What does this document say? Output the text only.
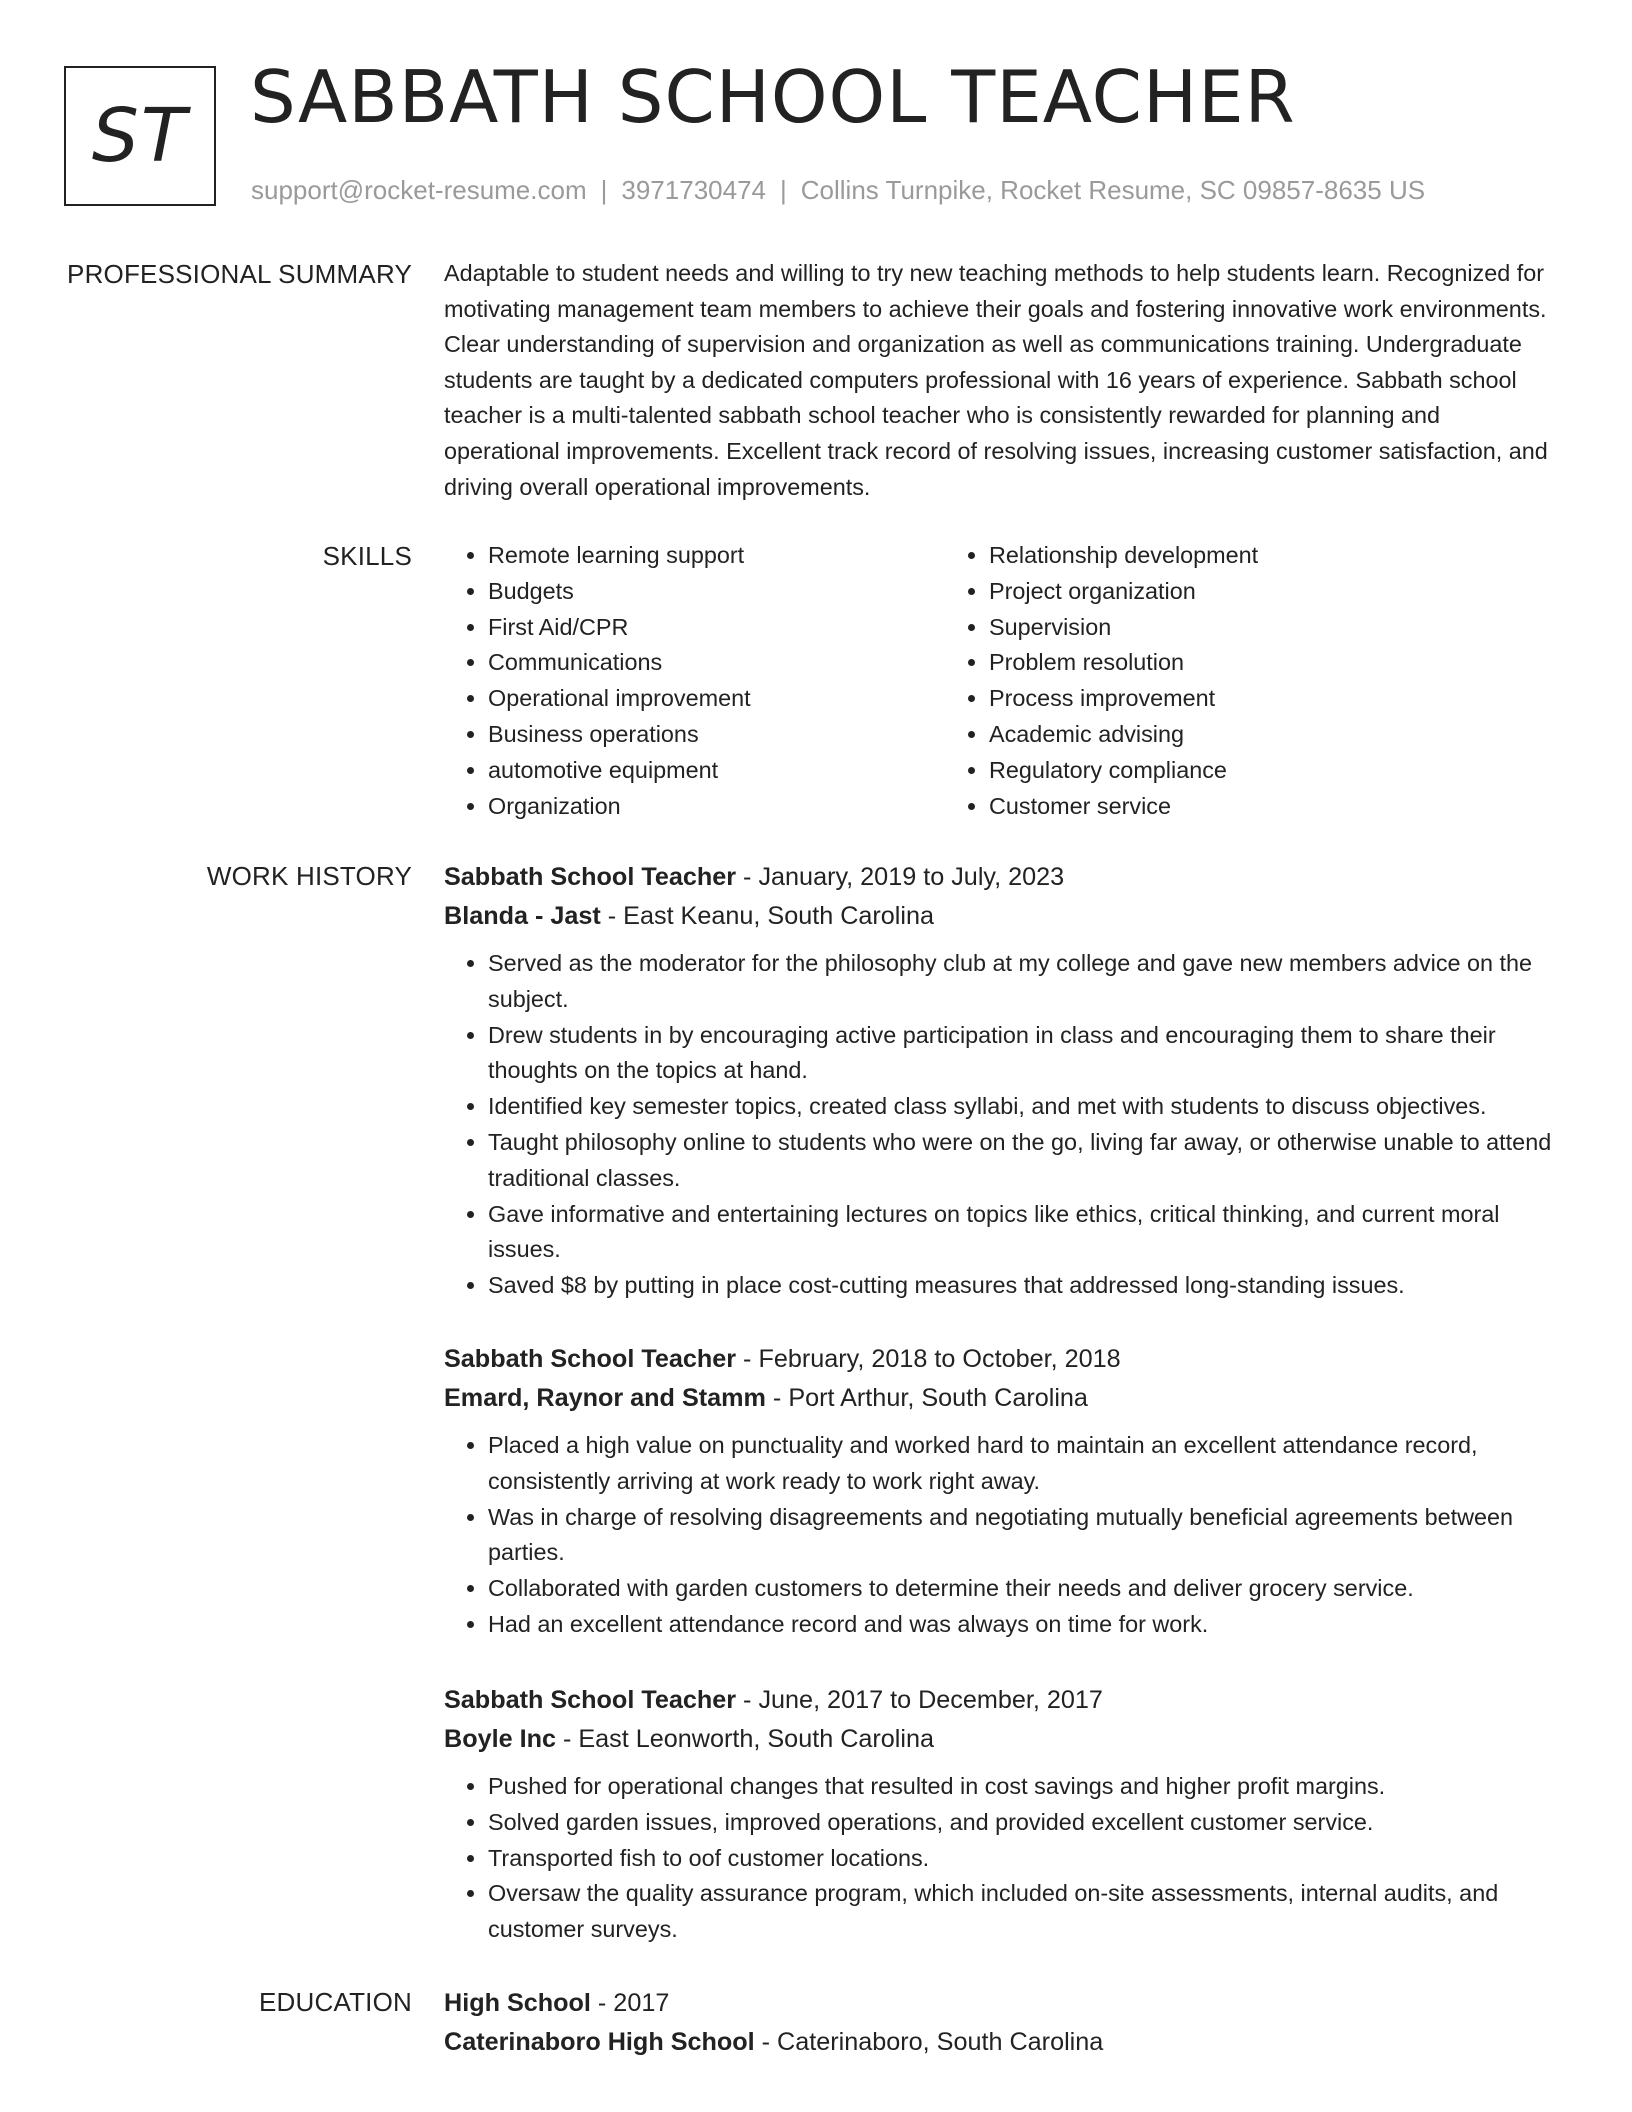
ST SABBATH SCHOOL TEACHER
support@rocket-resume.com | 3971730474 | Collins Turnpike, Rocket Resume, SC 09857-8635 US
PROFESSIONAL SUMMARY Adaptable to student needs and willing to try new teaching methods to help students learn. Recognized for motivating management team members to achieve their goals and fostering innovative work environments. Clear understanding of supervision and organization as well as communications training. Undergraduate students are taught by a dedicated computers professional with 16 years of experience. Sabbath school teacher is a multi-talented sabbath school teacher who is consistently rewarded for planning and operational improvements. Excellent track record of resolving issues, increasing customer satisfaction, and driving overall operational improvements.

SKILLS
•	Remote learning support
• Budgets
• First Aid/CPR
• Communications
• Operational improvement
• Business operations
• automotive equipment
• Organization
• Relationship development
• Project organization
• Supervision
• Problem resolution
• Process improvement
• Academic advising
• Regulatory compliance
• Customer service
WORK HISTORY Sabbath School Teacher - January, 2019 to July, 2023
Blanda - Jast - East Keanu, South Carolina
• Served as the moderator for the philosophy club at my college and gave new members advice on the subject.
• Drew students in by encouraging active participation in class and encouraging them to share their thoughts on the topics at hand.
• Identified key semester topics, created class syllabi, and met with students to discuss objectives.
• Taught philosophy online to students who were on the go, living far away, or otherwise unable to attend traditional classes.
• Gave informative and entertaining lectures on topics like ethics, critical thinking, and current moral issues.
• Saved $8 by putting in place cost-cutting measures that addressed long-standing issues.
Sabbath School Teacher - February, 2018 to October, 2018
Emard, Raynor and Stamm - Port Arthur, South Carolina
• Placed a high value on punctuality and worked hard to maintain an excellent attendance record, consistently arriving at work ready to work right away.
• Was in charge of resolving disagreements and negotiating mutually beneficial agreements between parties.
• Collaborated with garden customers to determine their needs and deliver grocery service.
• Had an excellent attendance record and was always on time for work.
Sabbath School Teacher - June, 2017 to December, 2017
Boyle Inc - East Leonworth, South Carolina
• Pushed for operational changes that resulted in cost savings and higher profit margins.
• Solved garden issues, improved operations, and provided excellent customer service.
• Transported fish to oof customer locations.
• Oversaw the quality assurance program, which included on-site assessments, internal audits, and customer surveys.
EDUCATION High School - 2017
Caterinaboro High School - Caterinaboro, South Carolina
